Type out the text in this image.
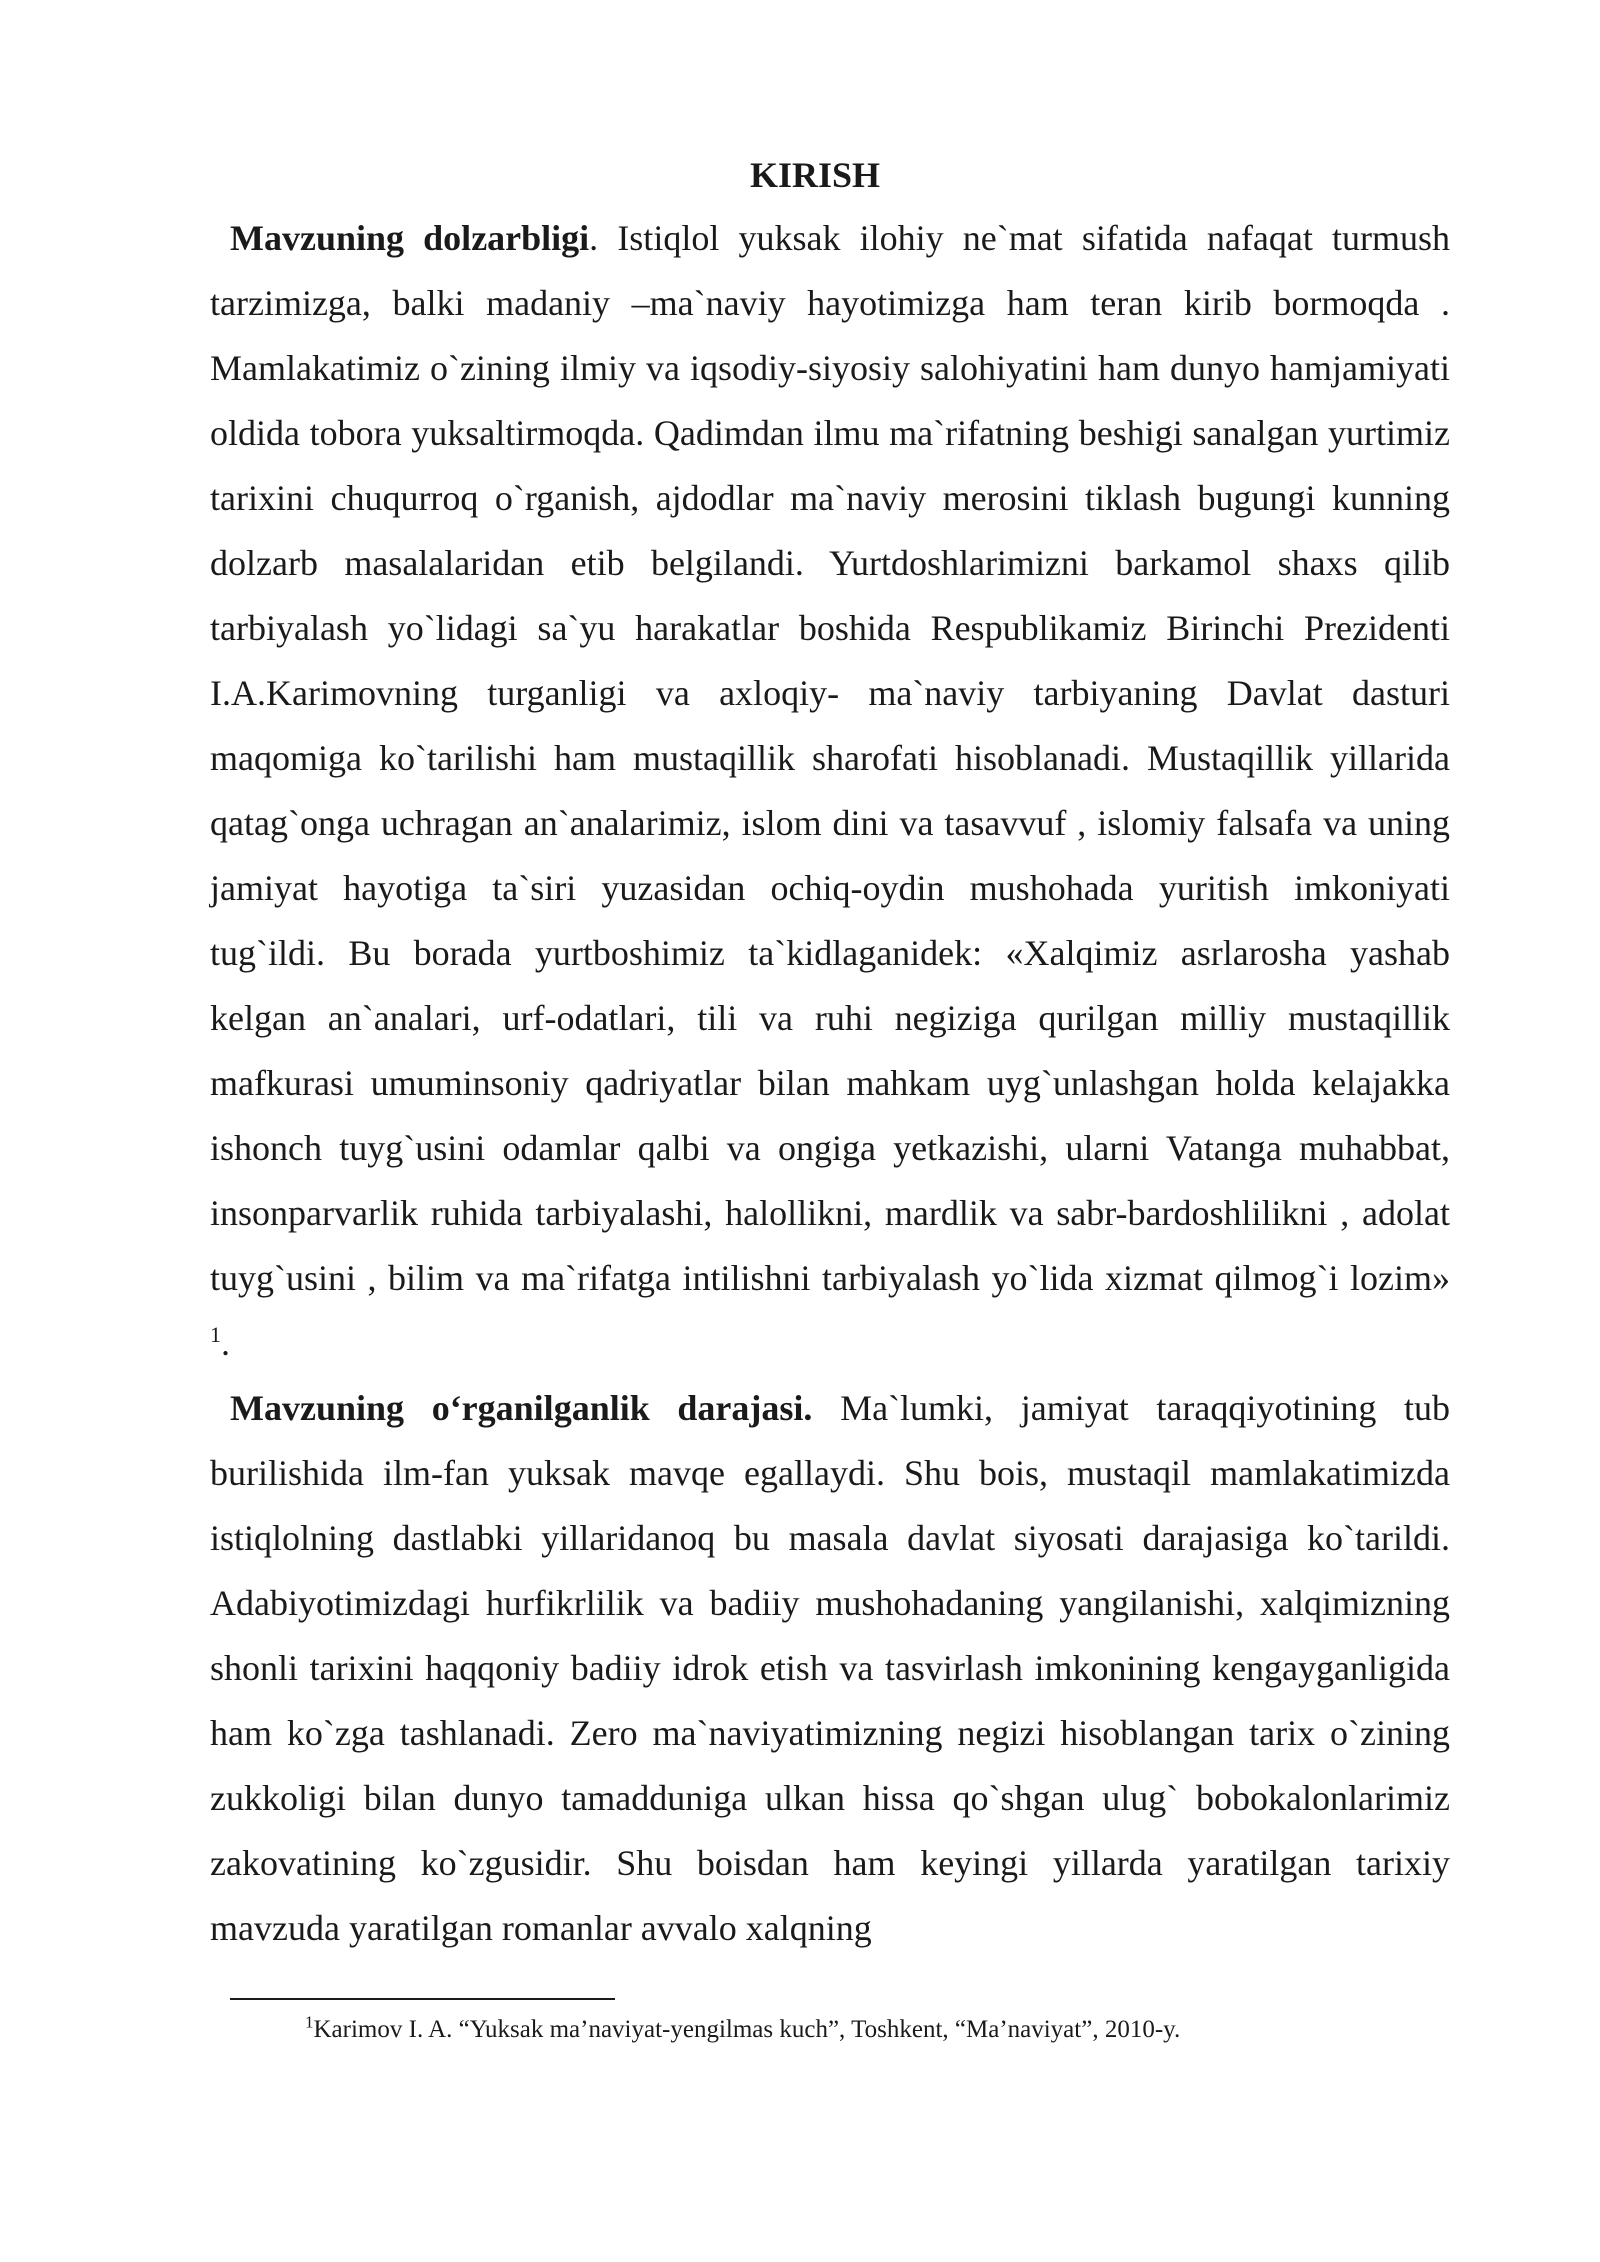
KIRISH

Mavzuning dolzarbligi. Istiqlol yuksak ilohiy ne`mat sifatida nafaqat turmush tarzimizga, balki madaniy –ma`naviy hayotimizga ham teran kirib bormoqda . Mamlakatimiz o`zining ilmiy va iqsodiy-siyosiy salohiyatini ham dunyo hamjamiyati oldida tobora yuksaltirmoqda. Qadimdan ilmu ma`rifatning beshigi sanalgan yurtimiz tarixini chuqurroq o`rganish, ajdodlar ma`naviy merosini tiklash bugungi kunning dolzarb masalalaridan etib belgilandi. Yurtdoshlarimizni barkamol shaxs qilib tarbiyalash yo`lidagi sa`yu harakatlar boshida Respublikamiz Birinchi Prezidenti I.A.Karimovning turganligi va axloqiy- ma`naviy tarbiyaning Davlat dasturi maqomiga ko`tarilishi ham mustaqillik sharofati hisoblanadi. Mustaqillik yillarida qatag`onga uchragan an`analarimiz, islom dini va tasavvuf , islomiy falsafa va uning jamiyat hayotiga ta`siri yuzasidan ochiq-oydin mushohada yuritish imkoniyati tug`ildi. Bu borada yurtboshimiz ta`kidlaganidek: «Xalqimiz asrlarosha yashab kelgan an`analari, urf-odatlari, tili va ruhi negiziga qurilgan milliy mustaqillik mafkurasi umuminsoniy qadriyatlar bilan mahkam uyg`unlashgan holda kelajakka ishonch tuyg`usini odamlar qalbi va ongiga yetkazishi, ularni Vatanga muhabbat, insonparvarlik ruhida tarbiyalashi, halollikni, mardlik va sabr-bardoshlilikni , adolat tuyg`usini , bilim va ma`rifatga intilishni tarbiyalash yo`lida xizmat qilmog`i lozim» $^1$.

Mavzuning o‘rganilganlik darajasi. Ma`lumki, jamiyat taraqqiyotining tub burilishida ilm-fan yuksak mavqe egallaydi. Shu bois, mustaqil mamlakatimizda istiqlolning dastlabki yillaridanoq bu masala davlat siyosati darajasiga ko`tarildi. Adabiyotimizdagi hurfikrlilik va badiiy mushohadaning yangilanishi, xalqimizning shonli tarixini haqqoniy badiiy idrok etish va tasvirlash imkonining kengayganligida ham ko`zga tashlanadi. Zero ma`naviyatimizning negizi hisoblangan tarix o`zining zukkoligi bilan dunyo tamadduniga ulkan hissa qo`shgan ulug` bobokalonlarimiz zakovatining ko`zgusidir. Shu boisdan ham keyingi yillarda yaratilgan tarixiy mavzuda yaratilgan romanlar avvalo xalqning

$^1$Karimov I. A. “Yuksak ma’naviyat-yengilmas kuch”, Toshkent, “Ma’naviyat”, 2010-y.
